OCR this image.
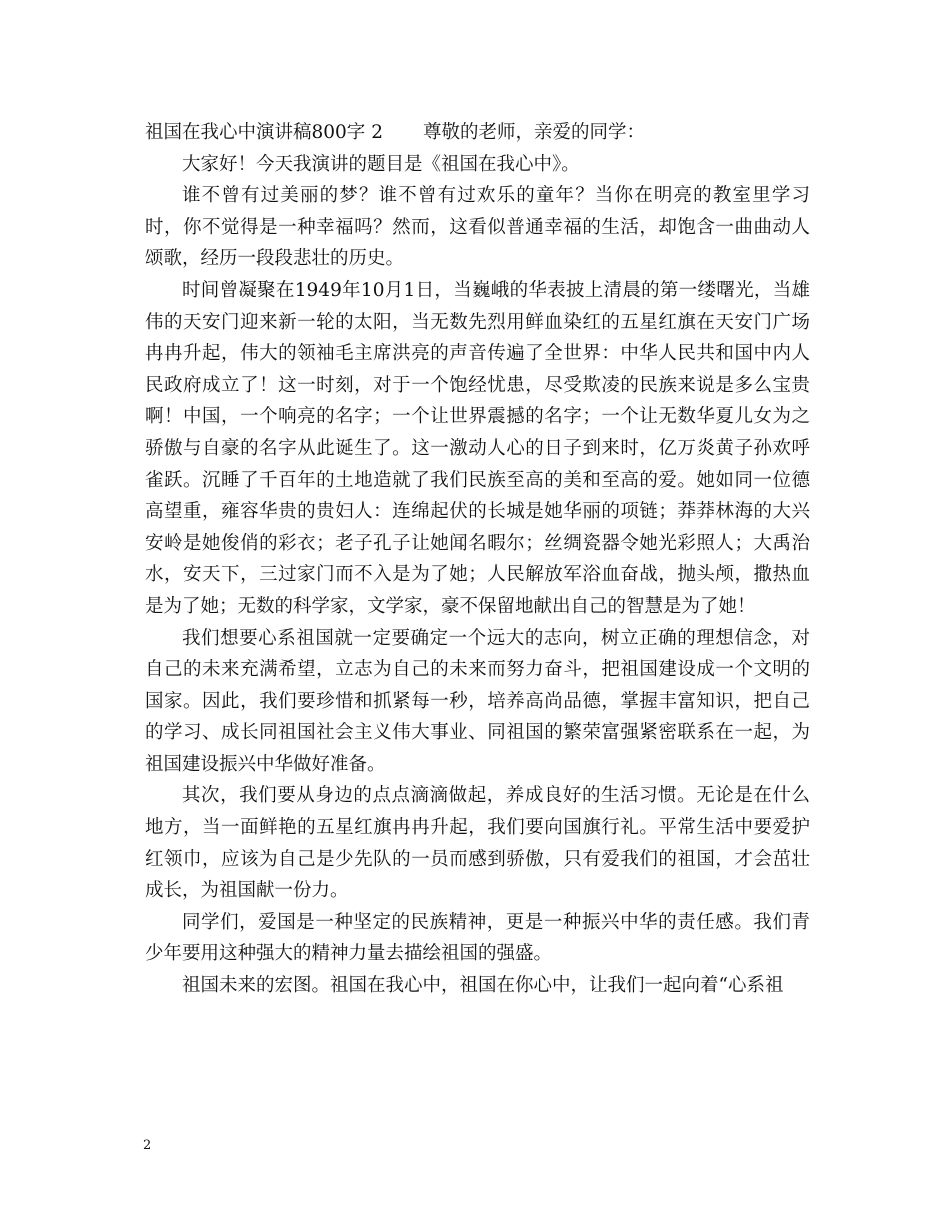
祖国在我心中演讲稿800字 2 尊敬的老师，亲爱的同学：

大家好！今天我演讲的题目是《祖国在我心中》。

谁不曾有过美丽的梦？谁不曾有过欢乐的童年？当你在明亮的教室里学习时，你不觉得是一种幸福吗？然而，这看似普通幸福的生活，却饱含一曲曲动人颂歌，经历一段段悲壮的历史。

时间曾凝聚在1949年10月1日，当巍峨的华表披上清晨的第一缕曙光，当雄伟的天安门迎来新一轮的太阳，当无数先烈用鲜血染红的五星红旗在天安门广场冉冉升起，伟大的领袖毛主席洪亮的声音传遍了全世界：中华人民共和国中内人民政府成立了！这一时刻，对于一个饱经忧患，尽受欺凌的民族来说是多么宝贵啊！中国，一个响亮的名字；一个让世界震撼的名字；一个让无数华夏儿女为之骄傲与自豪的名字从此诞生了。这一激动人心的日子到来时，亿万炎黄子孙欢呼雀跃。沉睡了千百年的土地造就了我们民族至高的美和至高的爱。她如同一位德高望重，雍容华贵的贵妇人：连绵起伏的长城是她华丽的项链；莽莽林海的大兴安岭是她俊俏的彩衣；老子孔子让她闻名暇尔；丝绸瓷器令她光彩照人；大禹治水，安天下，三过家门而不入是为了她；人民解放军浴血奋战，抛头颅，撒热血是为了她；无数的科学家，文学家，豪不保留地献出自己的智慧是为了她！

我们想要心系祖国就一定要确定一个远大的志向，树立正确的理想信念，对自己的未来充满希望，立志为自己的未来而努力奋斗，把祖国建设成一个文明的国家。因此，我们要珍惜和抓紧每一秒，培养高尚品德，掌握丰富知识，把自己的学习、成长同祖国社会主义伟大事业、同祖国的繁荣富强紧密联系在一起，为祖国建设振兴中华做好准备。

其次，我们要从身边的点点滴滴做起，养成良好的生活习惯。无论是在什么地方，当一面鲜艳的五星红旗冉冉升起，我们要向国旗行礼。平常生活中要爱护红领巾，应该为自己是少先队的一员而感到骄傲，只有爱我们的祖国，才会茁壮成长，为祖国献一份力。

同学们，爱国是一种坚定的民族精神，更是一种振兴中华的责任感。我们青少年要用这种强大的精神力量去描绘祖国的强盛。

祖国未来的宏图。祖国在我心中，祖国在你心中，让我们一起向着“心系祖

2
